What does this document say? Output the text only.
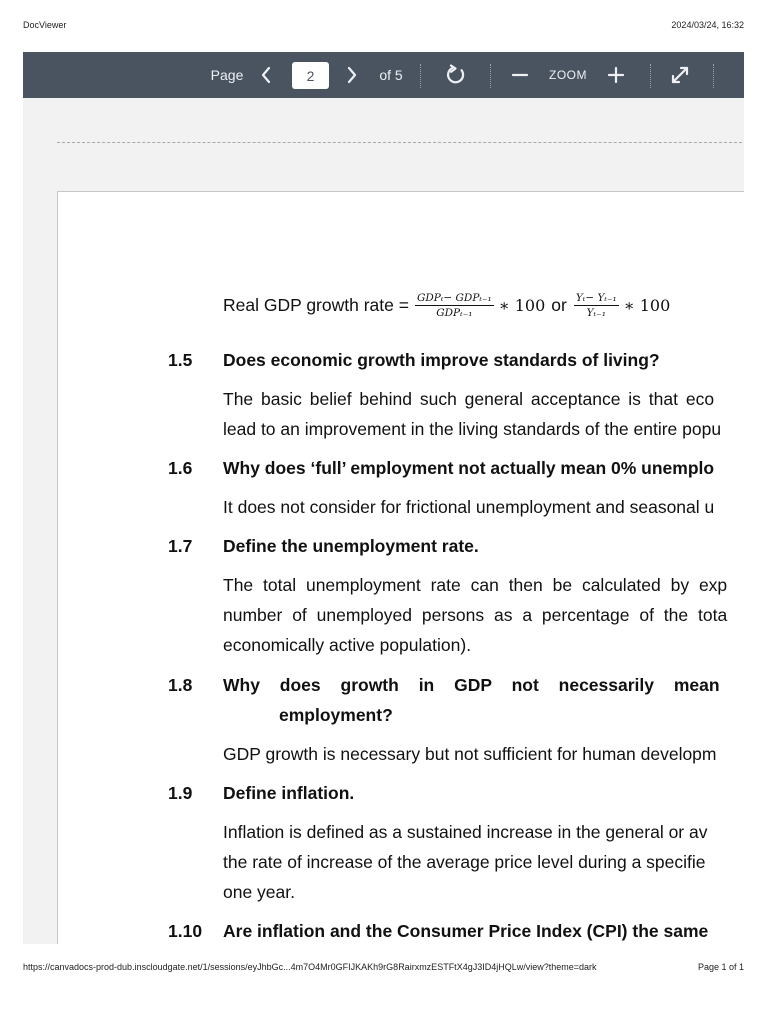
DocViewer	2024/03/24, 16:32
Page
2	of 5	ZOOM
Real GDP growth rate = $\frac{\text{GDPₜ− GDPₜ₋₁}}{\text{GDPₜ₋₁}}$ ∗ 100 or $\frac{\text{Yₜ− Yₜ₋₁}}{\text{Yₜ₋₁}}$ ∗ 100
1.5 Does economic growth improve standards of living?
The basic belief behind such general acceptance is that eco
lead to an improvement in the living standards of the entire popu
1.6 Why does ‘full’ employment not actually mean 0% unemplo
It does not consider for frictional unemployment and seasonal u
1.7 Define the unemployment rate.
The total unemployment rate can then be calculated by exp
number of unemployed persons as a percentage of the tota
economically active population).
1.8 Why does growth in GDP not necessarily mean
employment?
GDP growth is necessary but not sufficient for human developm
1.9 Define inflation.
Inflation is defined as a sustained increase in the general or av
the rate of increase of the average price level during a specifie
one year.
1.10 Are inflation and the Consumer Price Index (CPI) the same
https://canvadocs-prod-dub.inscloudgate.net/1/sessions/eyJhbGc...4m7O4Mr0GFIJKAKh9rG8RairxmzESTFtX4gJ3ID4jHQLw/view?theme=dark	Page 1 of 1
